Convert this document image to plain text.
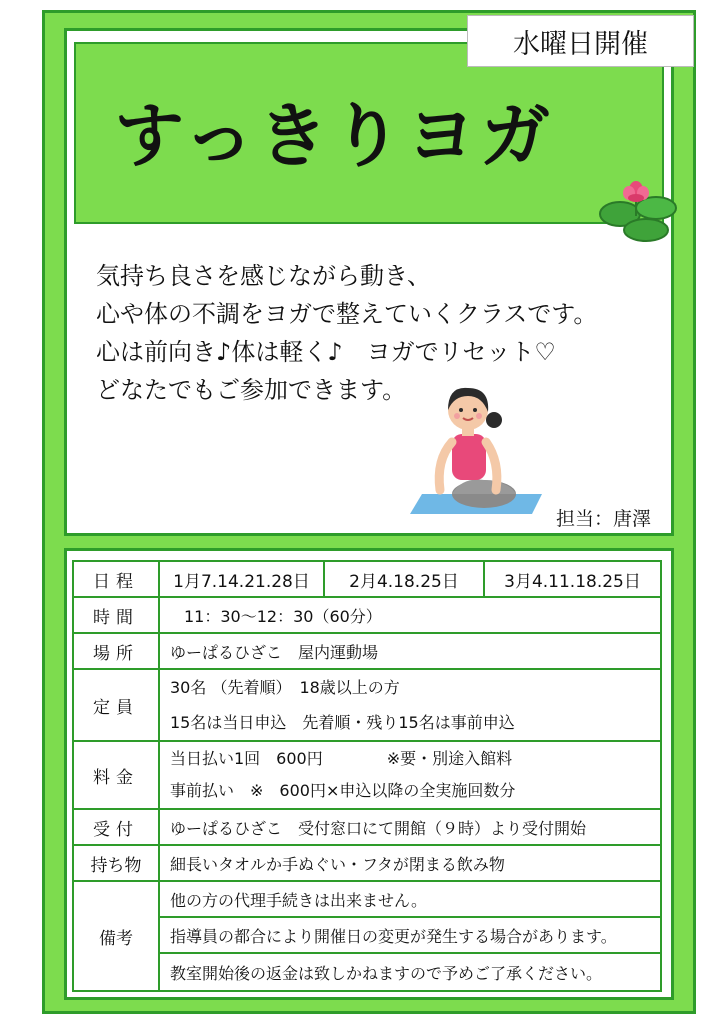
すっきりヨガ
水曜日開催
気持ち良さを感じながら動き、
心や体の不調をヨガで整えていくクラスです。
心は前向き♪体は軽く♪　ヨガでリセット♡
どなたでもご参加できます。
担当：唐澤
日程	1月7.14.21.28日 2月4.18.25日 3月4.11.18.25日

時間	11：30～12：30（60分）
場所	ゆーぱるひざこ　屋内運動場
定員	30名 （先着順）　18歳以上の方
15名は当日申込　先着順・残り15名は事前申込

料金	当日払い1回　600円　　　　※要・別途入館料
事前払い　※　600円×申込以降の全実施回数分

受付	ゆーぱるひざこ　受付窓口にて開館（９時）より受付開始
持ち物	細長いタオルか手ぬぐい・フタが閉まる飲み物
備考	他の方の代理手続きは出来ません。
指導員の都合により開催日の変更が発生する場合があります。
教室開始後の返金は致しかねますので予めご了承ください。
